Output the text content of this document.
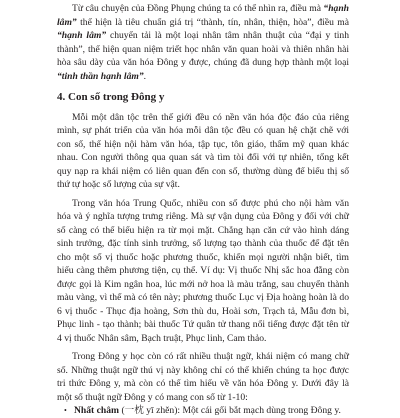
Từ câu chuyện của Đồng Phụng chúng ta có thể nhìn ra, điều mà “hạnh lâm” thể hiện là tiêu chuẩn giá trị “thành, tín, nhân, thiện, hòa”, điều mà “hạnh lâm” chuyển tải là một loại nhân tâm nhân thuật của “đại y tinh thành”, thể hiện quan niệm triết học nhân văn quan hoài và thiên nhân hài hòa sâu dày của văn hóa Đông y được, chúng đã dung hợp thành một loại “tinh thần hạnh lâm”.

4. Con số trong Đông y

Mỗi một dân tộc trên thế giới đều có nền văn hóa độc đáo của riêng mình, sự phát triển của văn hóa mỗi dân tộc đều có quan hệ chặt chẽ với con số, thể hiện nội hàm văn hóa, tập tục, tôn giáo, thẩm mỹ quan khác nhau. Con người thông qua quan sát và tìm tòi đối với tự nhiên, tổng kết quy nạp ra khái niệm có liên quan đến con số, thường dùng để biểu thị số thứ tự hoặc số lượng của sự vật.

Trong văn hóa Trung Quốc, nhiều con số được phú cho nội hàm văn hóa và ý nghĩa tượng trưng riêng. Mà sự vận dụng của Đông y đối với chữ số càng có thể biểu hiện ra từ mọi mặt. Chẳng hạn căn cứ vào hình dáng sinh trưởng, đặc tính sinh trưởng, số lượng tạo thành của thuốc để đặt tên cho một số vị thuốc hoặc phương thuốc, khiến mọi người nhận biết, tìm hiểu càng thêm phương tiện, cụ thể. Ví dụ: Vị thuốc Nhị sắc hoa đằng còn được gọi là Kim ngân hoa, lúc mới nở hoa là màu trắng, sau chuyển thành màu vàng, vì thế mà có tên này; phương thuốc Lục vị Địa hoàng hoàn là do 6 vị thuốc - Thục địa hoàng, Sơn thù du, Hoài sơn, Trạch tả, Mẫu đơn bì, Phục linh - tạo thành; bài thuốc Tứ quân tử thang nổi tiếng được đặt tên từ 4 vị thuốc Nhân sâm, Bạch truật, Phục linh, Cam thảo.

Trong Đông y học còn có rất nhiều thuật ngữ, khái niệm có mang chữ số. Những thuật ngữ thú vị này không chỉ có thể khiến chúng ta học được tri thức Đông y, mà còn có thể tìm hiểu về văn hóa Đông y. Dưới đây là một số thuật ngữ Đông y có mang con số từ 1-10:

• Nhất châm (一枕 yī zhěn): Một cái gối bắt mạch dùng trong Đông y.
